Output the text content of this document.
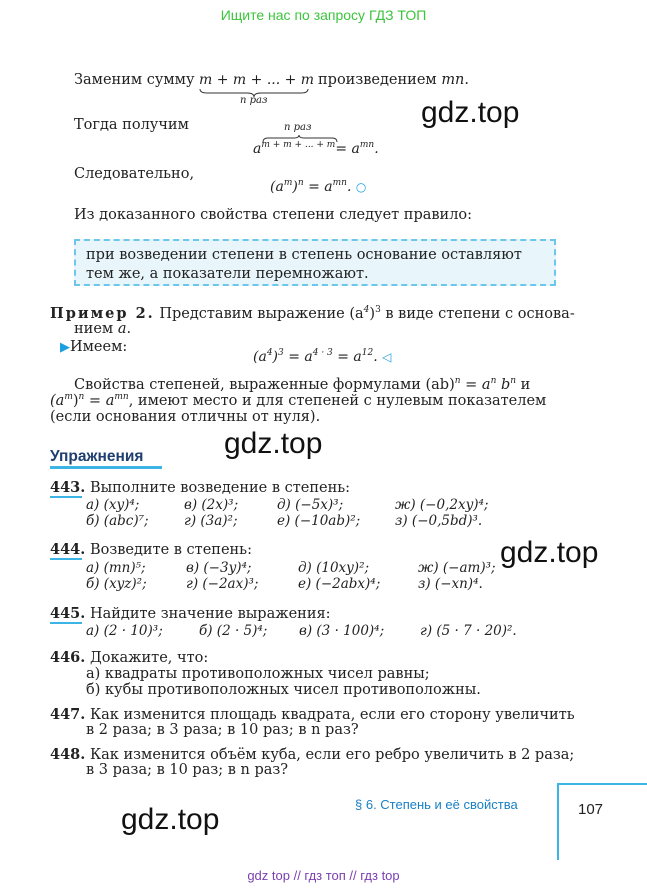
Ищите нас по запросу ГДЗ ТОП
Заменим сумму m + m + ... + m
n раз
произведением mn.
gdz.top
Тогда получим	n раз
$a^{m + m + ... + m}= a^{mn}$.
Следовательно,
$(a^m)^n = a^{mn}$. ○
Из доказанного свойства степени следует правило:
при возведении степени в степень основание оставляют тем же, а показатели перемножают.
Пример 2. Представим выражение $(a^4)^3$ в виде степени с основа-
нием a.
▶Имеем:
$(a^4)^3 = a^{4 \cdot 3} = a^{12}$. ◁
Свойства степеней, выраженные формулами $(ab)^n = a^n$ $b^n$ и
$(a^m)^n = a^{mn}$, имеют место и для степеней с нулевым показателем
(если основания отличны от нуля).
gdz.top
Упражнения
443. Выполните возведение в степень:
а) (xy)⁴;	в) (2x)³;	д) (−5x)³;	ж) (−0,2xy)⁴;
б) (abc)⁷;	г) (3a)²;	е) (−10ab)²;	з) (−0,5bd)³.
444. Возведите в степень:	gdz.top
а) (mn)⁵;	в) (−3y)⁴;	д) (10xy)²;	ж) (−am)³;
б) (xyz)²;	г) (−2ax)³;	е) (−2abx)⁴;	з) (−xn)⁴.
445. Найдите значение выражения:
а) (2 · 10)³;	б) (2 · 5)⁴; в) (3 · 100)⁴;	г) (5 · 7 · 20)².
446. Докажите, что:
а) квадраты противоположных чисел равны;
б) кубы противоположных чисел противоположны.
447. Как изменится площадь квадрата, если его сторону увеличить
в 2 раза; в 3 раза; в 10 раз; в n раз?
448. Как изменится объём куба, если его ребро увеличить в 2 раза;
в 3 раза; в 10 раз; в n раз?
§ 6. Степень и её свойства	107
gdz.top
gdz top // гдз топ // гдз top
